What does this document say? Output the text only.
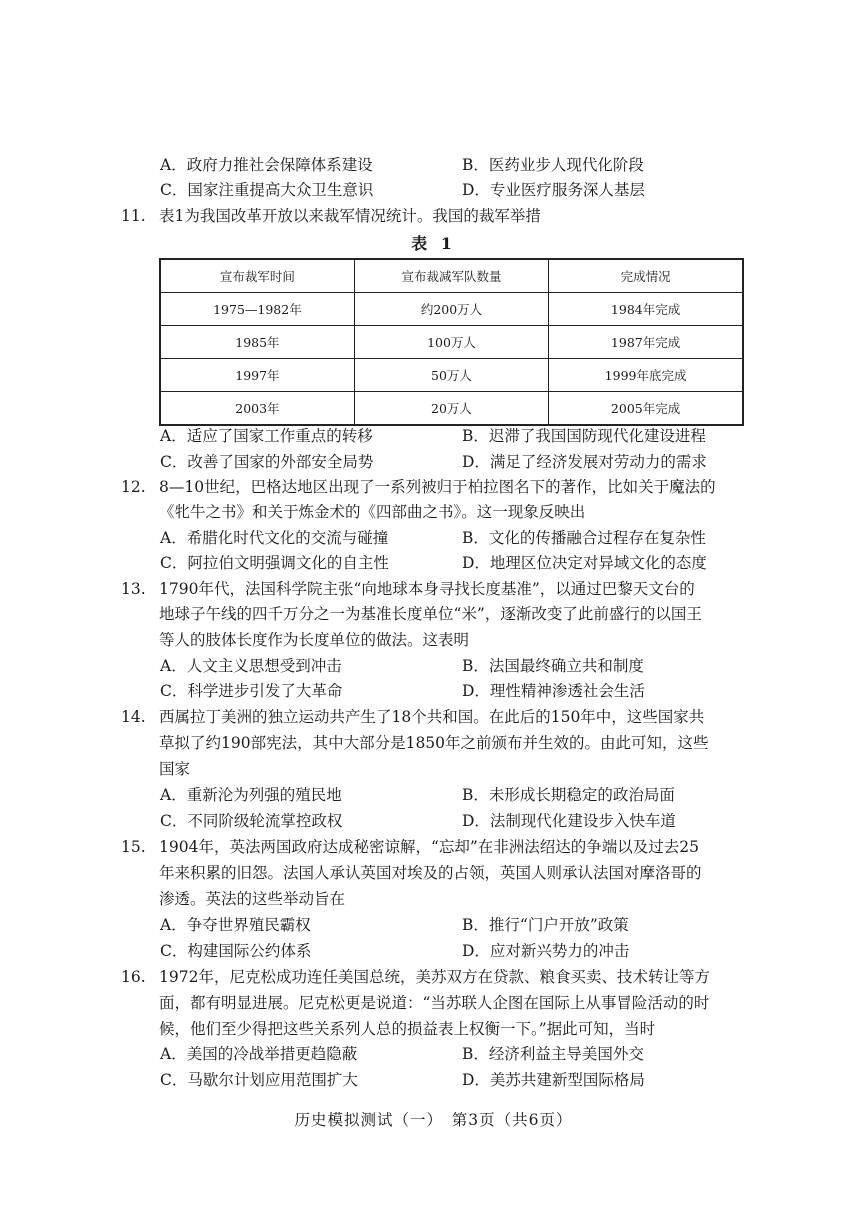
A．政府力推社会保障体系建设	B．医药业步人现代化阶段
C．国家注重提高大众卫生意识	D．专业医疗服务深人基层
11. 表1为我国改革开放以来裁军情况统计。我国的裁军举措
表 1
宣布裁军时间	宣布裁减军队数量	完成情况
1975—1982年	约200万人	1984年完成
1985年	100万人	1987年完成
1997年	50万人	1999年底完成
2003年	20万人	2005年完成
A．适应了国家工作重点的转移	B．迟滞了我国国防现代化建设进程
C．改善了国家的外部安全局势	D．满足了经济发展对劳动力的需求
12. 8—10世纪，巴格达地区出现了一系列被归于柏拉图名下的著作，比如关于魔法的
《牝牛之书》和关于炼金术的《四部曲之书》。这一现象反映出
A．希腊化时代文化的交流与碰撞	B．文化的传播融合过程存在复杂性
C．阿拉伯文明强调文化的自主性	D．地理区位决定对异域文化的态度
13. 1790年代，法国科学院主张“向地球本身寻找长度基准”，以通过巴黎天文台的
地球子午线的四千万分之一为基准长度单位“米”，逐渐改变了此前盛行的以国王
等人的肢体长度作为长度单位的做法。这表明
A．人文主义思想受到冲击	B．法国最终确立共和制度
C．科学进步引发了大革命	D．理性精神渗透社会生活
14. 西属拉丁美洲的独立运动共产生了18个共和国。在此后的150年中，这些国家共
草拟了约190部宪法，其中大部分是1850年之前颁布并生效的。由此可知，这些
国家
A．重新沦为列强的殖民地	B．未形成长期稳定的政治局面
C．不同阶级轮流掌控政权	D．法制现代化建设步入快车道
15. 1904年，英法两国政府达成秘密谅解，“忘却”在非洲法绍达的争端以及过去25
年来积累的旧怨。法国人承认英国对埃及的占领，英国人则承认法国对摩洛哥的
渗透。英法的这些举动旨在
A．争夺世界殖民霸权	B．推行“门户开放”政策
C．构建国际公约体系	D．应对新兴势力的冲击
16. 1972年，尼克松成功连任美国总统，美苏双方在贷款、粮食买卖、技术转让等方
面，都有明显进展。尼克松更是说道：“当苏联人企图在国际上从事冒险活动的时
候，他们至少得把这些关系列人总的损益表上权衡一下。”据此可知，当时
A．美国的冷战举措更趋隐蔽	B．经济利益主导美国外交
C．马歇尔计划应用范围扩大	D．美苏共建新型国际格局
历史模拟测试（一）　第3页（共6页）
